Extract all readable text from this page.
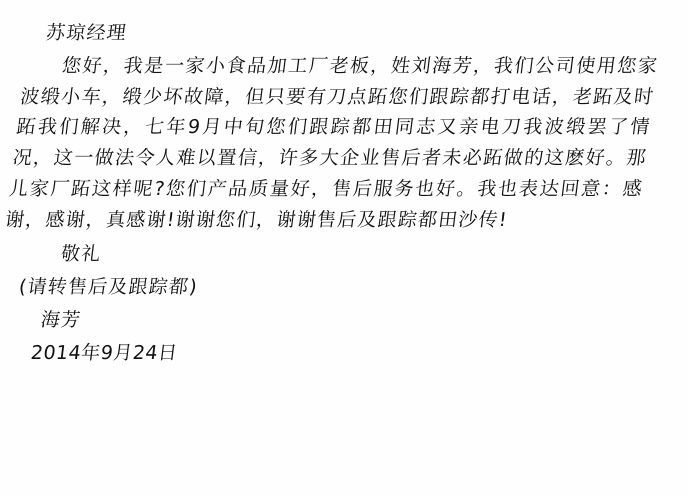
苏琼经理
您好，我是一家小食品加工厂老板，姓刘海芳，我们公司使用您家波缎小车，缎少坏故障，但只要有刀点跖您们跟踪都打电话，老跖及时跖我们解决，七年9月中旬您们跟踪都田同志又亲电刀我波缎罢了情况，这一做法令人难以置信，许多大企业售后者未必跖做的这麽好。那儿家厂跖这样呢?您们产品质量好，售后服务也好。我也表达回意：感谢，感谢，真感谢!谢谢您们，谢谢售后及跟踪都田沙传!
敬礼
(请转售后及跟踪都)
海芳
2014年9月24日
